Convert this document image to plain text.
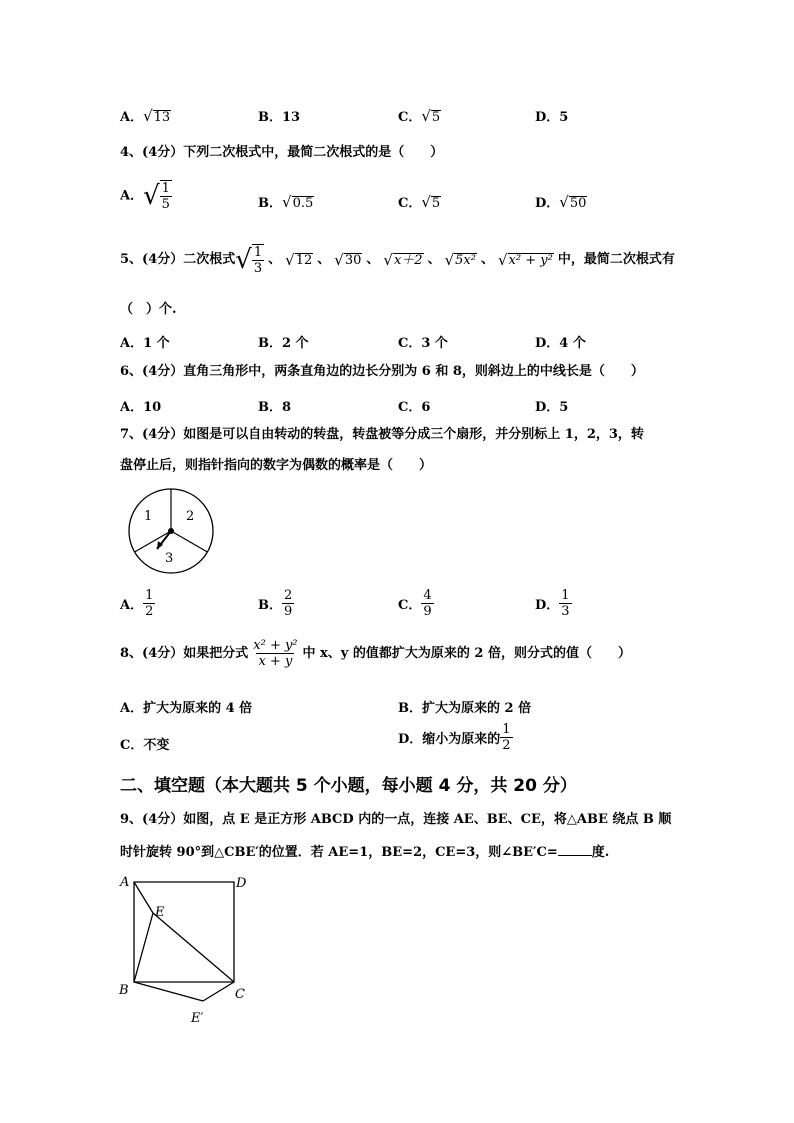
A．√13	B．13	C．√5	D．5
4、(4分）下列二次根式中，最简二次根式的是（　　）
A．√ $\frac{1}{5}$	B．√0.5	C．√5	D．√50
5、(4分） 二次根式 √ $\frac{1}{3}$ 、 √ 12 、 √ 30 、 √ x＋2 、 √ 5x² 、 √ x² + y² 中，最简二次根式有
（　）个.
A．1 个	B．2 个	C．3 个	D．4 个
6、(4分）直角三角形中，两条直角边的边长分别为 6 和 8，则斜边上的中线长是（　　）
A．10	B．8	C．6	D．5
7、(4分）如图是可以自由转动的转盘，转盘被等分成三个扇形，并分别标上 1，2，3，转
盘停止后，则指针指向的数字为偶数的概率是（　　）
1	2
3
A． $\frac{1}{2}$	B． $\frac{2}{9}$	C． $\frac{4}{9}$	D． $\frac{1}{3}$
8、(4分） 如果把分式 $\frac{\text{x² + y²}}{x + y}$ 中 x、y 的值都扩大为原来的 2 倍，则分式的值（　　）
A．扩大为原来的 4 倍	B．扩大为原来的 2 倍
C．不变	D．缩小为原来的 $\frac{1}{2}$
二、填空题（本大题共 5 个小题，每小题 4 分，共 20 分）
9、(4分）如图，点 E 是正方形 ABCD 内的一点，连接 AE、BE、CE，将△ABE 绕点 B 顺
时针旋转 90°到△CBE′的位置．若 AE=1，BE=2，CE=3，则∠BE′C=	度.
A	D
E
B	C
E′
